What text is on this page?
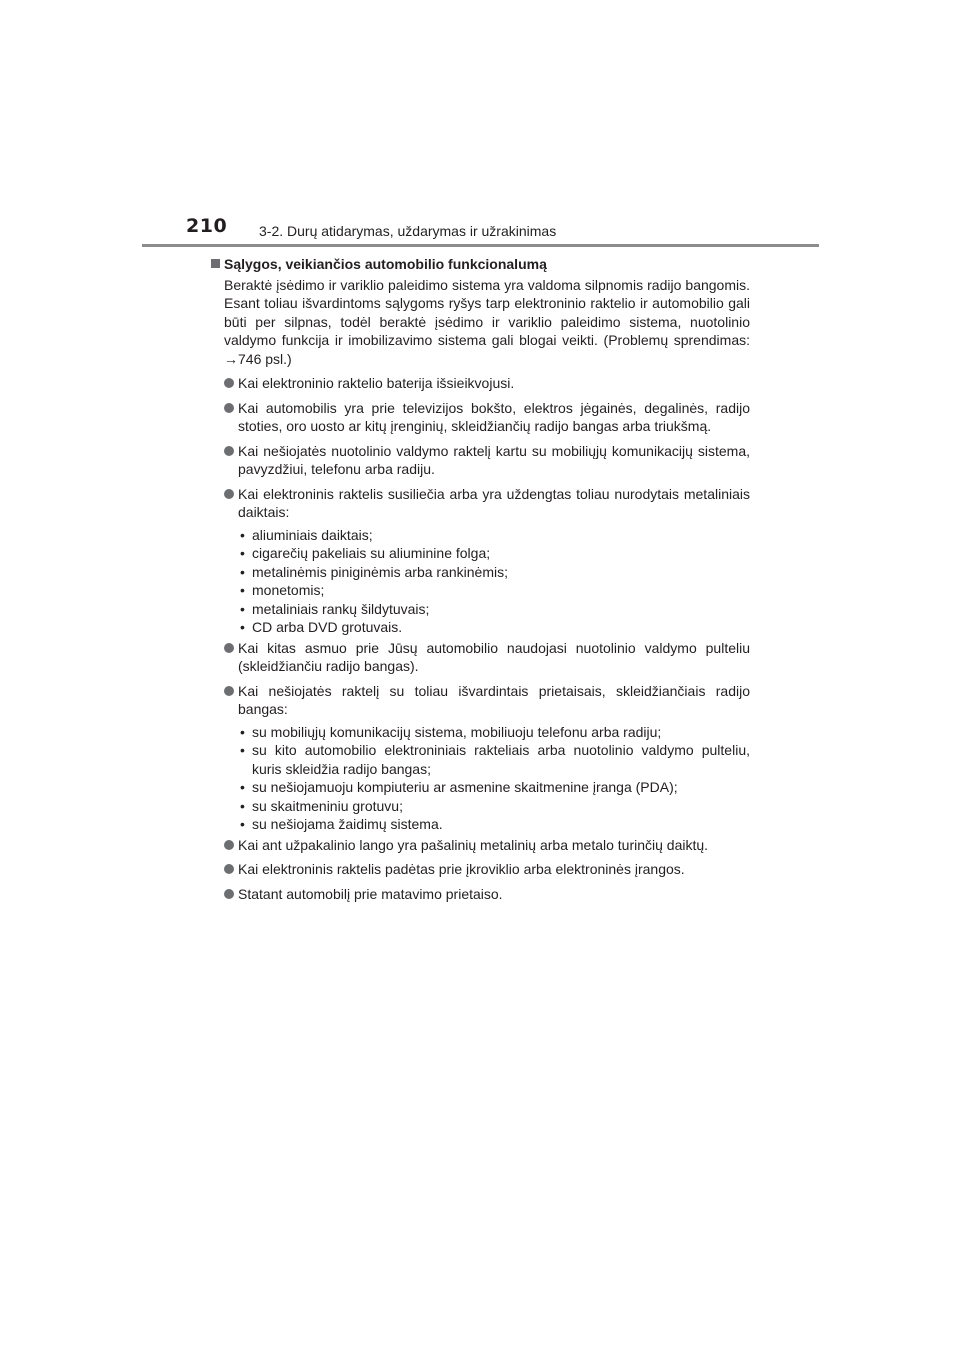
210 3-2. Durų atidarymas, uždarymas ir užrakinimas
Sąlygos, veikiančios automobilio funkcionalumą

Beraktė įsėdimo ir variklio paleidimo sistema yra valdoma silpnomis radijo bangomis. Esant toliau išvardintoms sąlygoms ryšys tarp elektroninio raktelio ir automobilio gali būti per silpnas, todėl beraktė įsėdimo ir variklio paleidimo sistema, nuotolinio valdymo funkcija ir imobilizavimo sistema gali blogai veikti. (Problemų sprendimas: →746 psl.)

Kai elektroninio raktelio baterija išsieikvojusi.
Kai automobilis yra prie televizijos bokšto, elektros jėgainės, degalinės, radijo stoties, oro uosto ar kitų įrenginių, skleidžiančių radijo bangas arba triukšmą.
Kai nešiojatės nuotolinio valdymo raktelį kartu su mobiliųjų komunikacijų sistema, pavyzdžiui, telefonu arba radiju.
Kai elektroninis raktelis susiliečia arba yra uždengtas toliau nurodytais metaliniais daiktais:
• aliuminiais daiktais;
• cigarečių pakeliais su aliuminine folga;
• metalinėmis piniginėmis arba rankinėmis;
• monetomis;
• metaliniais rankų šildytuvais;
• CD arba DVD grotuvais.
Kai kitas asmuo prie Jūsų automobilio naudojasi nuotolinio valdymo pulteliu (skleidžiančiu radijo bangas).
Kai nešiojatės raktelį su toliau išvardintais prietaisais, skleidžiančiais radijo bangas:
• su mobiliųjų komunikacijų sistema, mobiliuoju telefonu arba radiju;
• su kito automobilio elektroniniais rakteliais arba nuotolinio valdymo pulteliu, kuris skleidžia radijo bangas;
• su nešiojamuoju kompiuteriu ar asmenine skaitmenine įranga (PDA);
• su skaitmeniniu grotuvu;
• su nešiojama žaidimų sistema.
Kai ant užpakalinio lango yra pašalinių metalinių arba metalo turinčių daiktų.
Kai elektroninis raktelis padėtas prie įkroviklio arba elektroninės įrangos.
Statant automobilį prie matavimo prietaiso.
